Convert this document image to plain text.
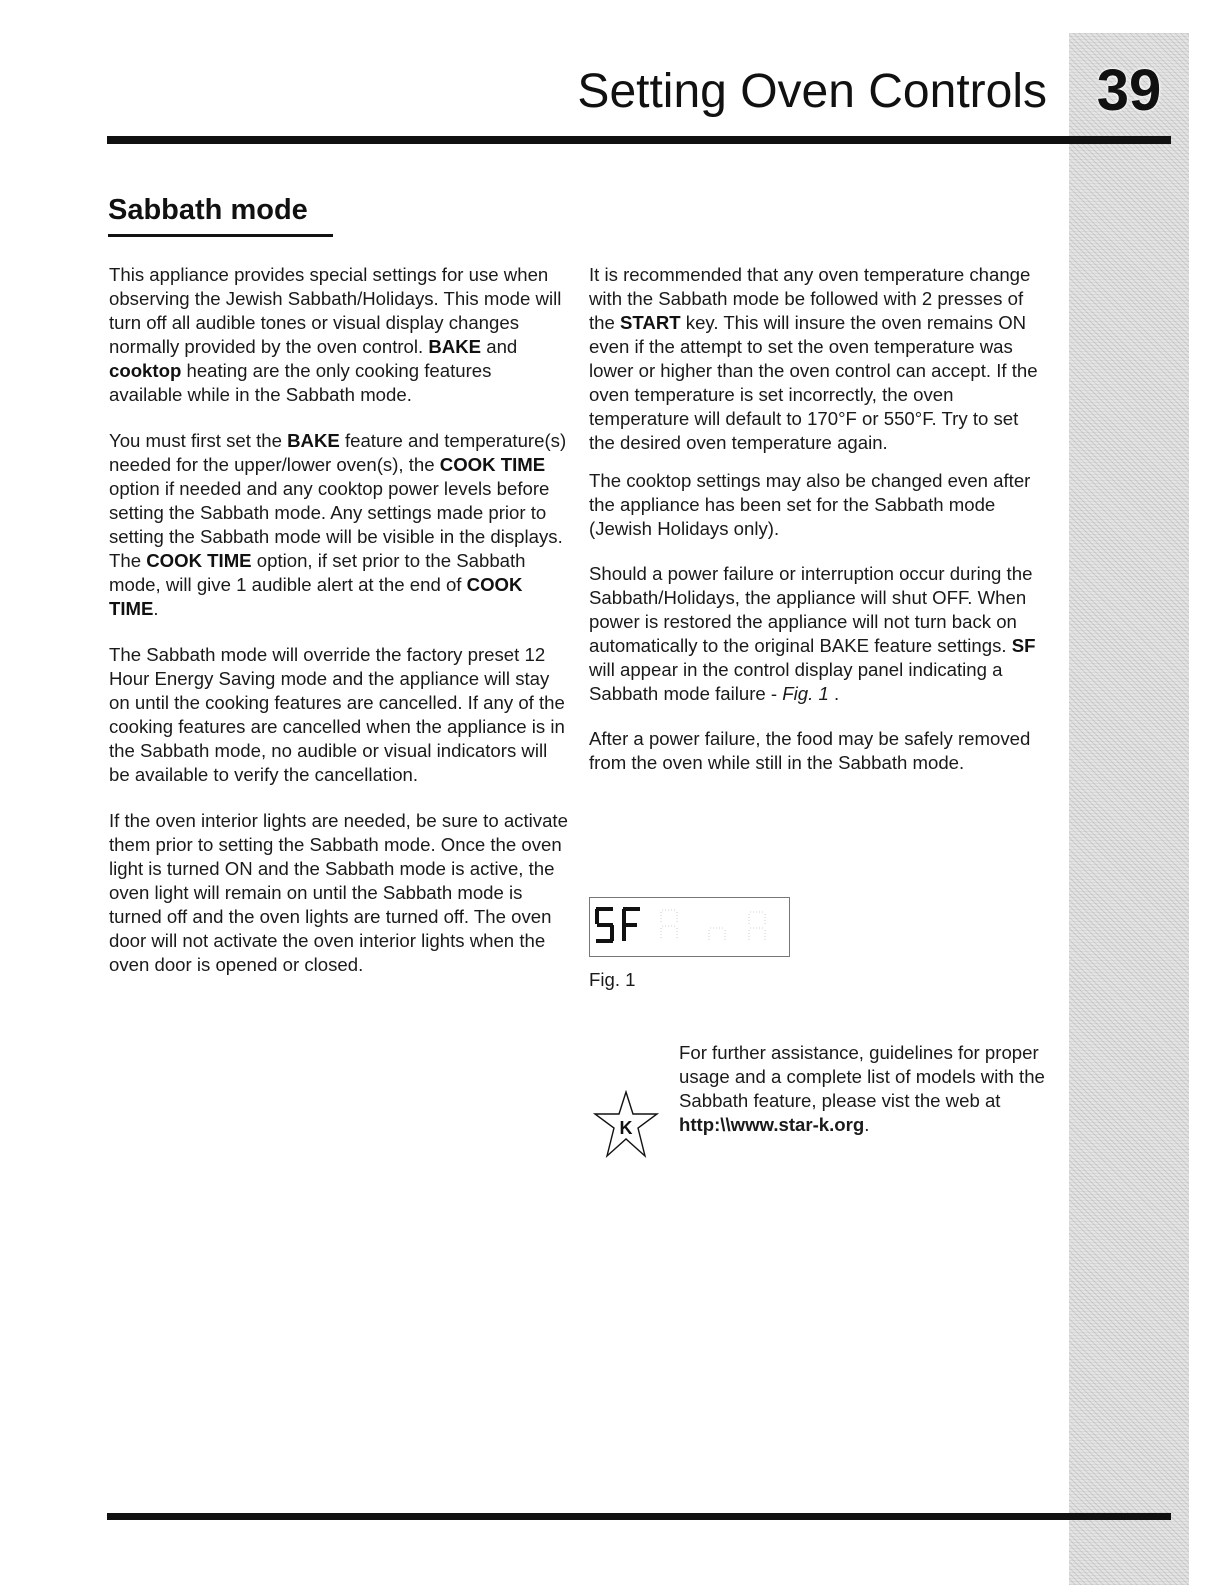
39
Setting Oven Controls
Sabbath mode

This appliance provides special settings for use when observing the Jewish Sabbath/Holidays. This mode will turn off all audible tones or visual display changes normally provided by the oven control. BAKE and cooktop heating are the only cooking features available while in the Sabbath mode.

You must first set the BAKE feature and temperature(s) needed for the upper/lower oven(s), the COOK TIME option if needed and any cooktop power levels before setting the Sabbath mode. Any settings made prior to setting the Sabbath mode will be visible in the displays. The COOK TIME option, if set prior to the Sabbath mode, will give 1 audible alert at the end of COOK TIME.

The Sabbath mode will override the factory preset 12 Hour Energy Saving mode and the appliance will stay on until the cooking features are cancelled. If any of the cooking features are cancelled when the appliance is in the Sabbath mode, no audible or visual indicators will be available to verify the cancellation.

If the oven interior lights are needed, be sure to activate them prior to setting the Sabbath mode. Once the oven light is turned ON and the Sabbath mode is active, the oven light will remain on until the Sabbath mode is turned off and the oven lights are turned off. The oven door will not activate the oven interior lights when the oven door is opened or closed.

It is recommended that any oven temperature change with the Sabbath mode be followed with 2 presses of the START key. This will insure the oven remains ON even if the attempt to set the oven temperature was lower or higher than the oven control can accept. If the oven temperature is set incorrectly, the oven temperature will default to 170°F or 550°F. Try to set the desired oven temperature again.

The cooktop settings may also be changed even after the appliance has been set for the Sabbath mode (Jewish Holidays only).

Should a power failure or interruption occur during the Sabbath/Holidays, the appliance will shut OFF. When power is restored the appliance will not turn back on automatically to the original BAKE feature settings. SF will appear in the control display panel indicating a Sabbath mode failure - Fig. 1 .

After a power failure, the food may be safely removed from the oven while still in the Sabbath mode.

Fig. 1
K
For further assistance, guidelines for proper usage and a complete list of models with the Sabbath feature, please vist the web at
http:\\www.star-k.org.
